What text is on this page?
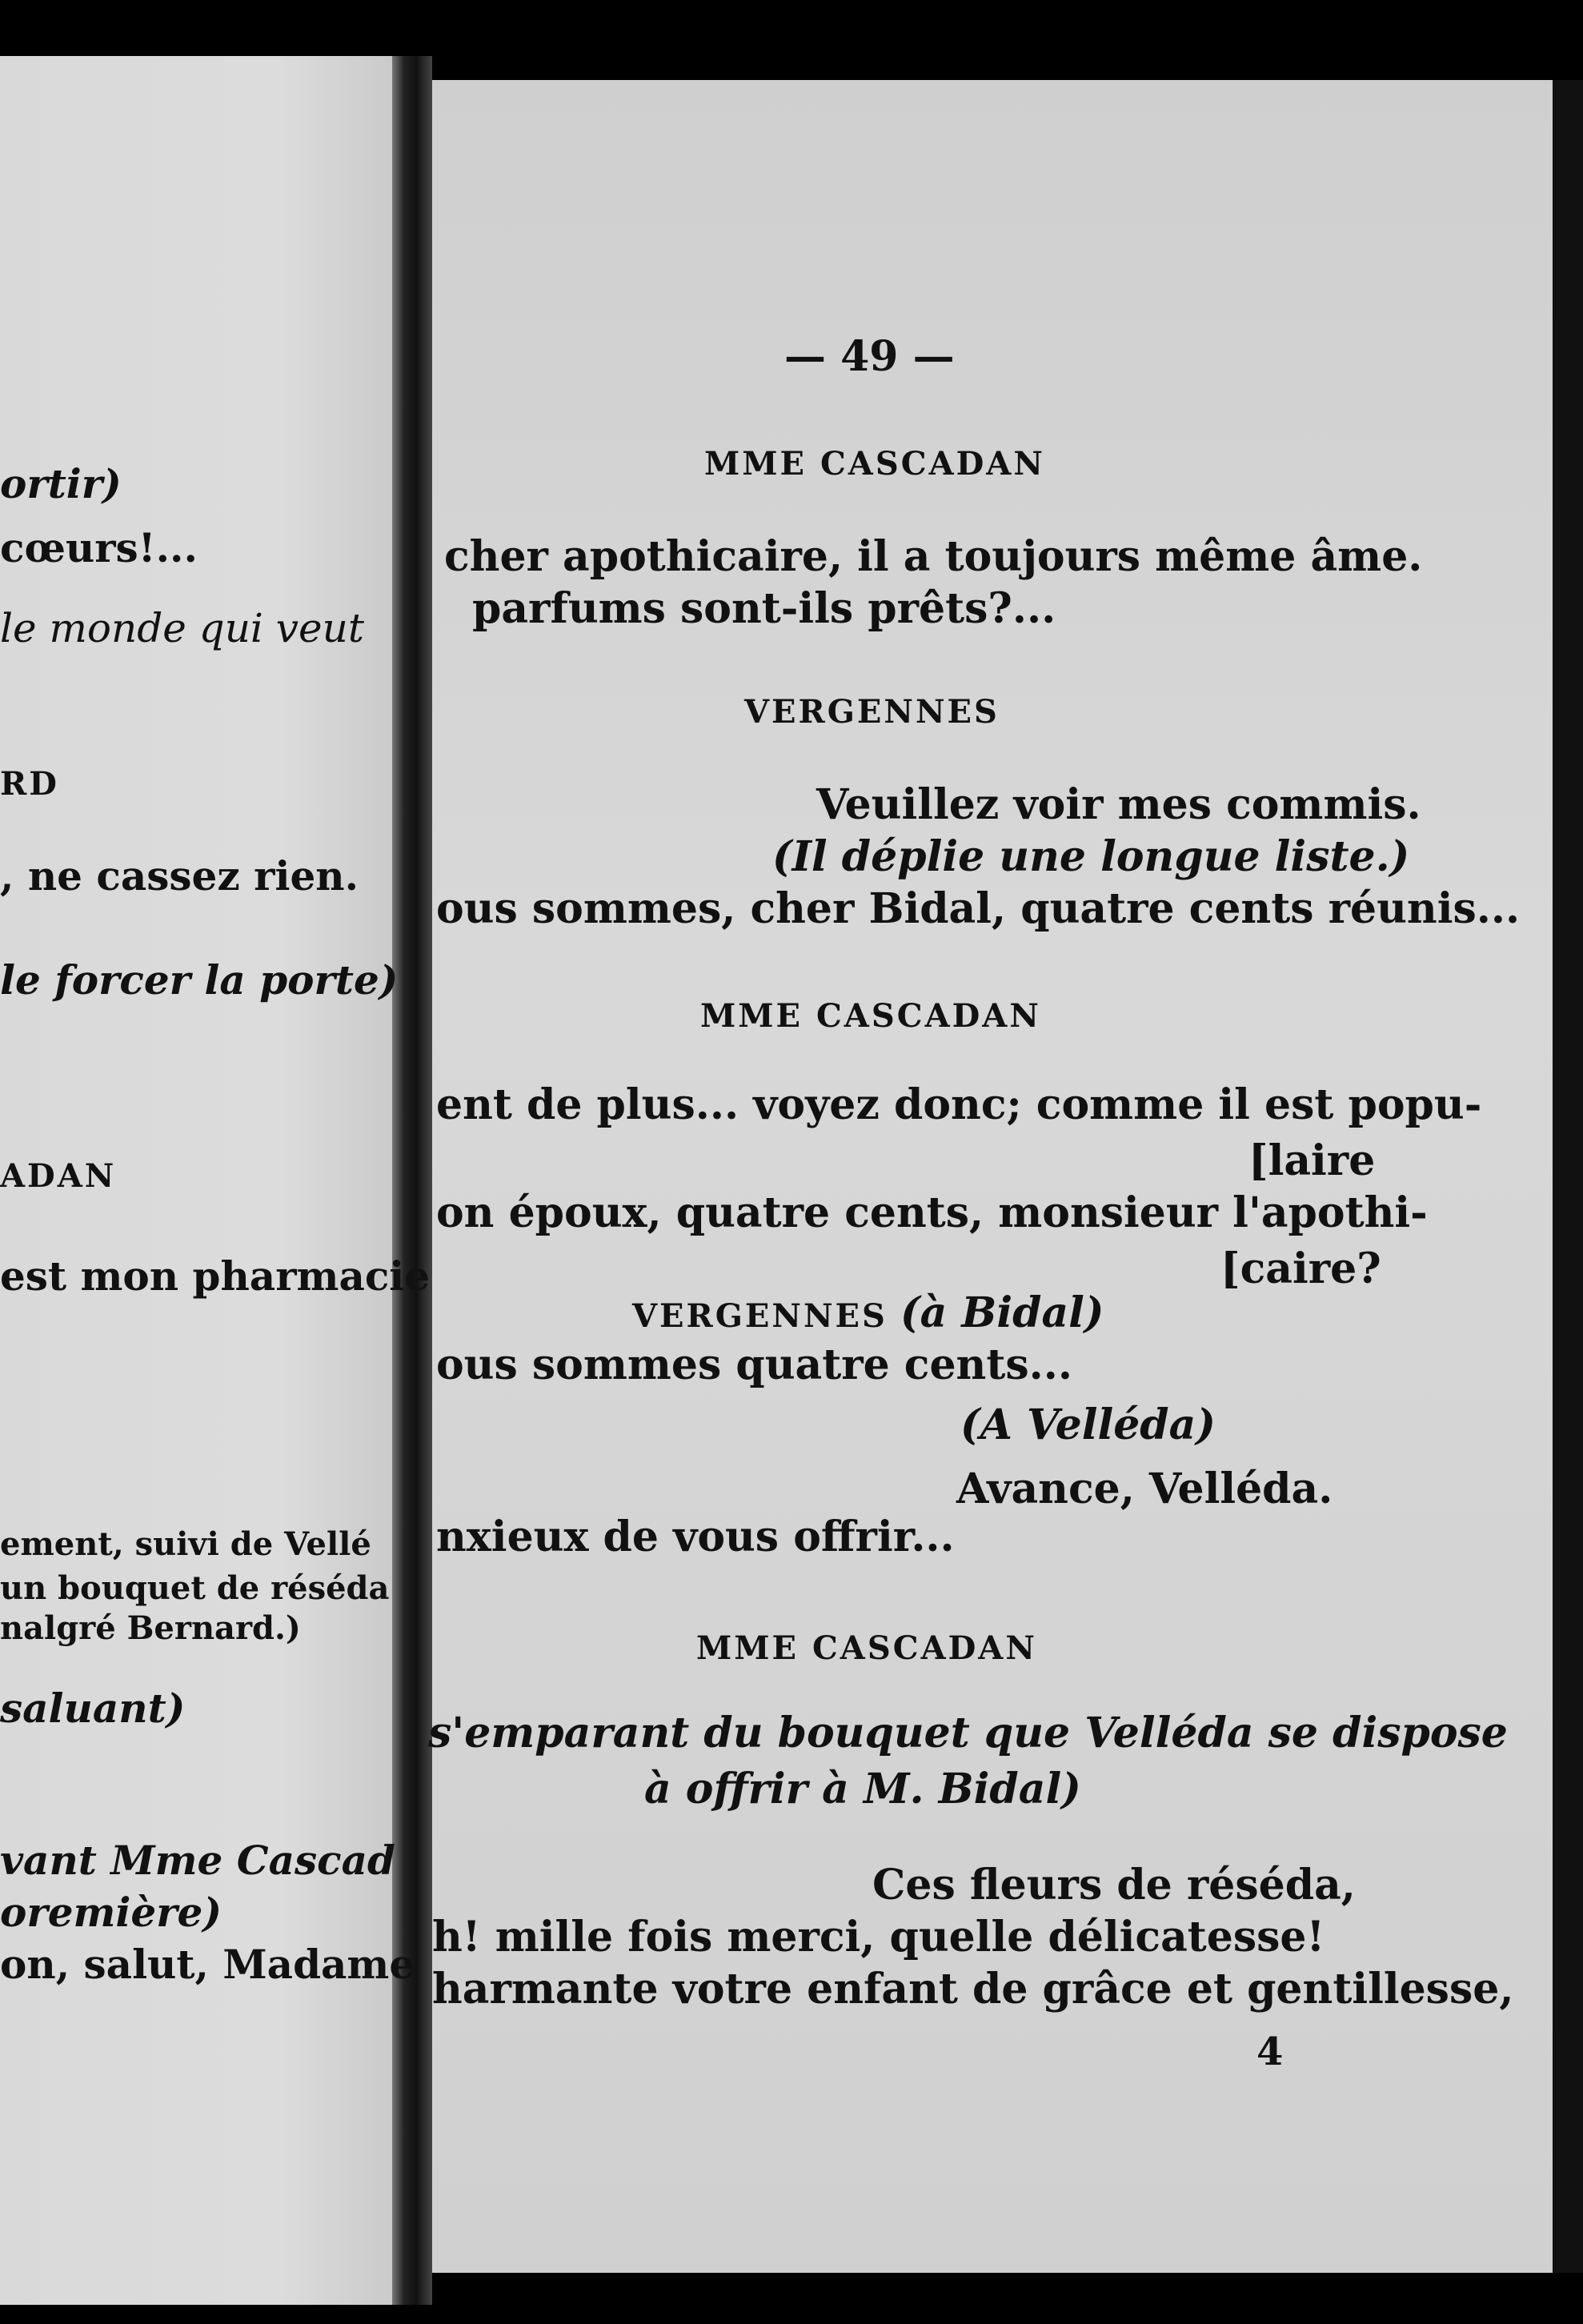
ortir)
cœurs!...
le monde qui veut
RD
, ne cassez rien.
le forcer la porte)
ADAN
est mon pharmacie
ement, suivi de Vellé
un bouquet de réséda
nalgré Bernard.)
saluant)
vant Mme Cascad
oremière)
on, salut, Madame
— 49 —
MME CASCADAN
cher apothicaire, il a toujours même âme.
parfums sont-ils prêts?...
VERGENNES
Veuillez voir mes commis.
(Il déplie une longue liste.)
ous sommes, cher Bidal, quatre cents réunis...
MME CASCADAN
ent de plus... voyez donc; comme il est popu-
[laire
on époux, quatre cents, monsieur l'apothi-
[caire?
VERGENNES (à Bidal)
ous sommes quatre cents...
(A Velléda)
Avance, Velléda.
nxieux de vous offrir...
MME CASCADAN
s'emparant du bouquet que Velléda se dispose
à offrir à M. Bidal)
Ces fleurs de réséda,
h! mille fois merci, quelle délicatesse!
harmante votre enfant de grâce et gentillesse,
4
